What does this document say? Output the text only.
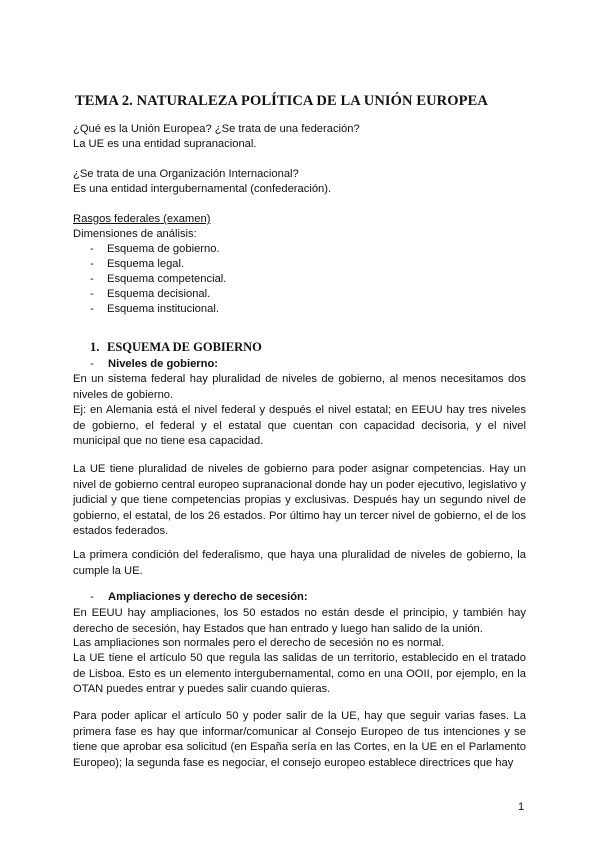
TEMA 2. NATURALEZA POLÍTICA DE LA UNIÓN EUROPEA
¿Qué es la Unión Europea? ¿Se trata de una federación?
La UE es una entidad supranacional.
¿Se trata de una Organización Internacional?
Es una entidad intergubernamental (confederación).
Rasgos federales (examen)
Dimensiones de análisis:
- Esquema de gobierno.
- Esquema legal.
- Esquema competencial.
- Esquema decisional.
- Esquema institucional.
1. ESQUEMA DE GOBIERNO
- Niveles de gobierno:
En un sistema federal hay pluralidad de niveles de gobierno, al menos necesitamos dos niveles de gobierno.
Ej: en Alemania está el nivel federal y después el nivel estatal; en EEUU hay tres niveles de gobierno, el federal y el estatal que cuentan con capacidad decisoria, y el nivel municipal que no tiene esa capacidad.
La UE tiene pluralidad de niveles de gobierno para poder asignar competencias. Hay un nivel de gobierno central europeo supranacional donde hay un poder ejecutivo, legislativo y judicial y que tiene competencias propias y exclusivas. Después hay un segundo nivel de gobierno, el estatal, de los 26 estados. Por último hay un tercer nivel de gobierno, el de los estados federados.
La primera condición del federalismo, que haya una pluralidad de niveles de gobierno, la cumple la UE.
- Ampliaciones y derecho de secesión:
En EEUU hay ampliaciones, los 50 estados no están desde el principio, y también hay derecho de secesión, hay Estados que han entrado y luego han salido de la unión.
Las ampliaciones son normales pero el derecho de secesión no es normal.
La UE tiene el artículo 50 que regula las salidas de un territorio, establecido en el tratado de Lisboa. Esto es un elemento intergubernamental, como en una OOII, por ejemplo, en la OTAN puedes entrar y puedes salir cuando quieras.
Para poder aplicar el artículo 50 y poder salir de la UE, hay que seguir varias fases. La primera fase es hay que informar/comunicar al Consejo Europeo de tus intenciones y se tiene que aprobar esa solicitud (en España sería en las Cortes, en la UE en el Parlamento Europeo); la segunda fase es negociar, el consejo europeo establece directrices que hay
1
